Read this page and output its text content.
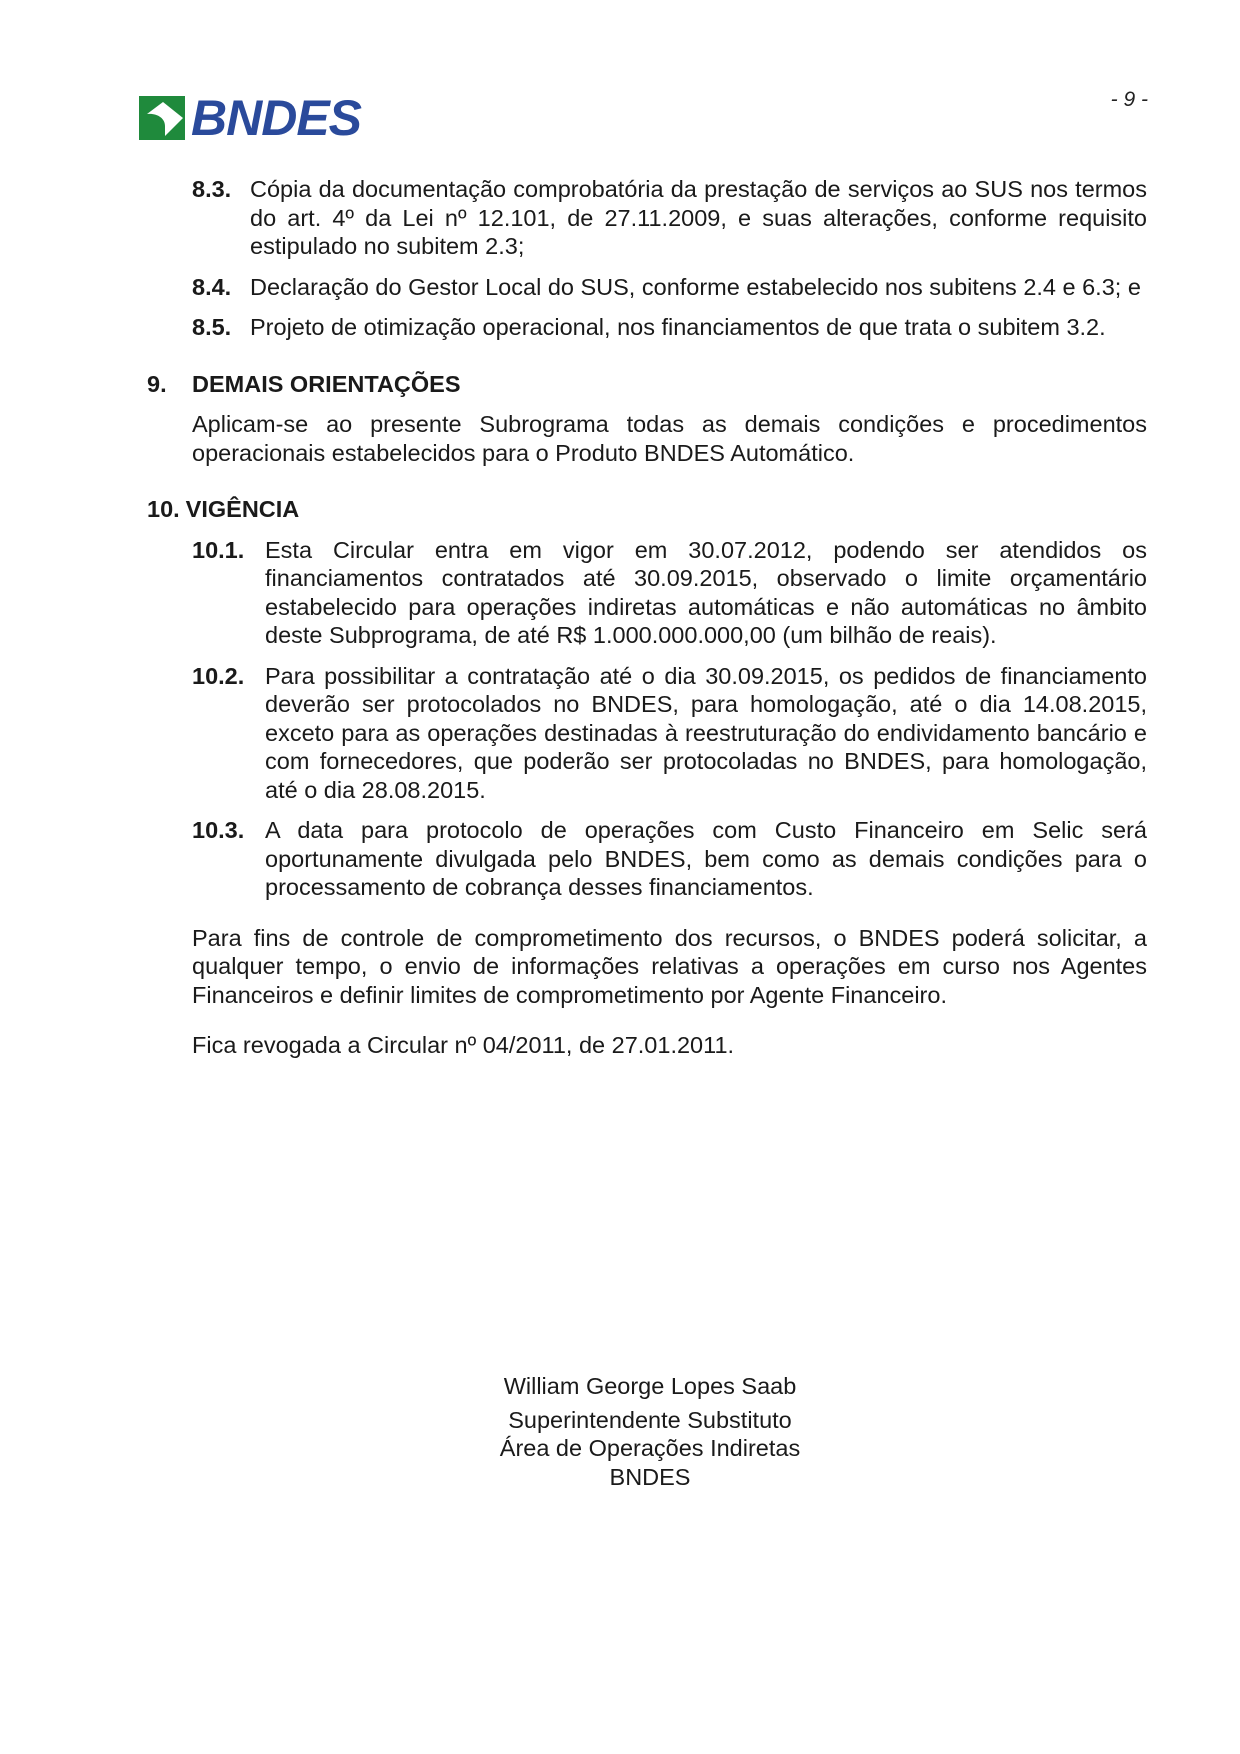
BNDES	- 9 -
8.3. Cópia da documentação comprobatória da prestação de serviços ao SUS nos termos do art. 4º da Lei nº 12.101, de 27.11.2009, e suas alterações, conforme requisito estipulado no subitem 2.3;
8.4. Declaração do Gestor Local do SUS, conforme estabelecido nos subitens 2.4 e 6.3; e
8.5. Projeto de otimização operacional, nos financiamentos de que trata o subitem 3.2.
9.	DEMAIS ORIENTAÇÕES
Aplicam-se ao presente Subrograma todas as demais condições e procedimentos operacionais estabelecidos para o Produto BNDES Automático.
10. VIGÊNCIA
10.1. Esta Circular entra em vigor em 30.07.2012, podendo ser atendidos os financiamentos contratados até 30.09.2015, observado o limite orçamentário estabelecido para operações indiretas automáticas e não automáticas no âmbito deste Subprograma, de até R$ 1.000.000.000,00 (um bilhão de reais).
10.2. Para possibilitar a contratação até o dia 30.09.2015, os pedidos de financiamento deverão ser protocolados no BNDES, para homologação, até o dia 14.08.2015, exceto para as operações destinadas à reestruturação do endividamento bancário e com fornecedores, que poderão ser protocoladas no BNDES, para homologação, até o dia 28.08.2015.
10.3. A data para protocolo de operações com Custo Financeiro em Selic será oportunamente divulgada pelo BNDES, bem como as demais condições para o processamento de cobrança desses financiamentos.
Para fins de controle de comprometimento dos recursos, o BNDES poderá solicitar, a qualquer tempo, o envio de informações relativas a operações em curso nos Agentes Financeiros e definir limites de comprometimento por Agente Financeiro.
Fica revogada a Circular nº 04/2011, de 27.01.2011.
William George Lopes Saab
Superintendente Substituto
Área de Operações Indiretas
BNDES
